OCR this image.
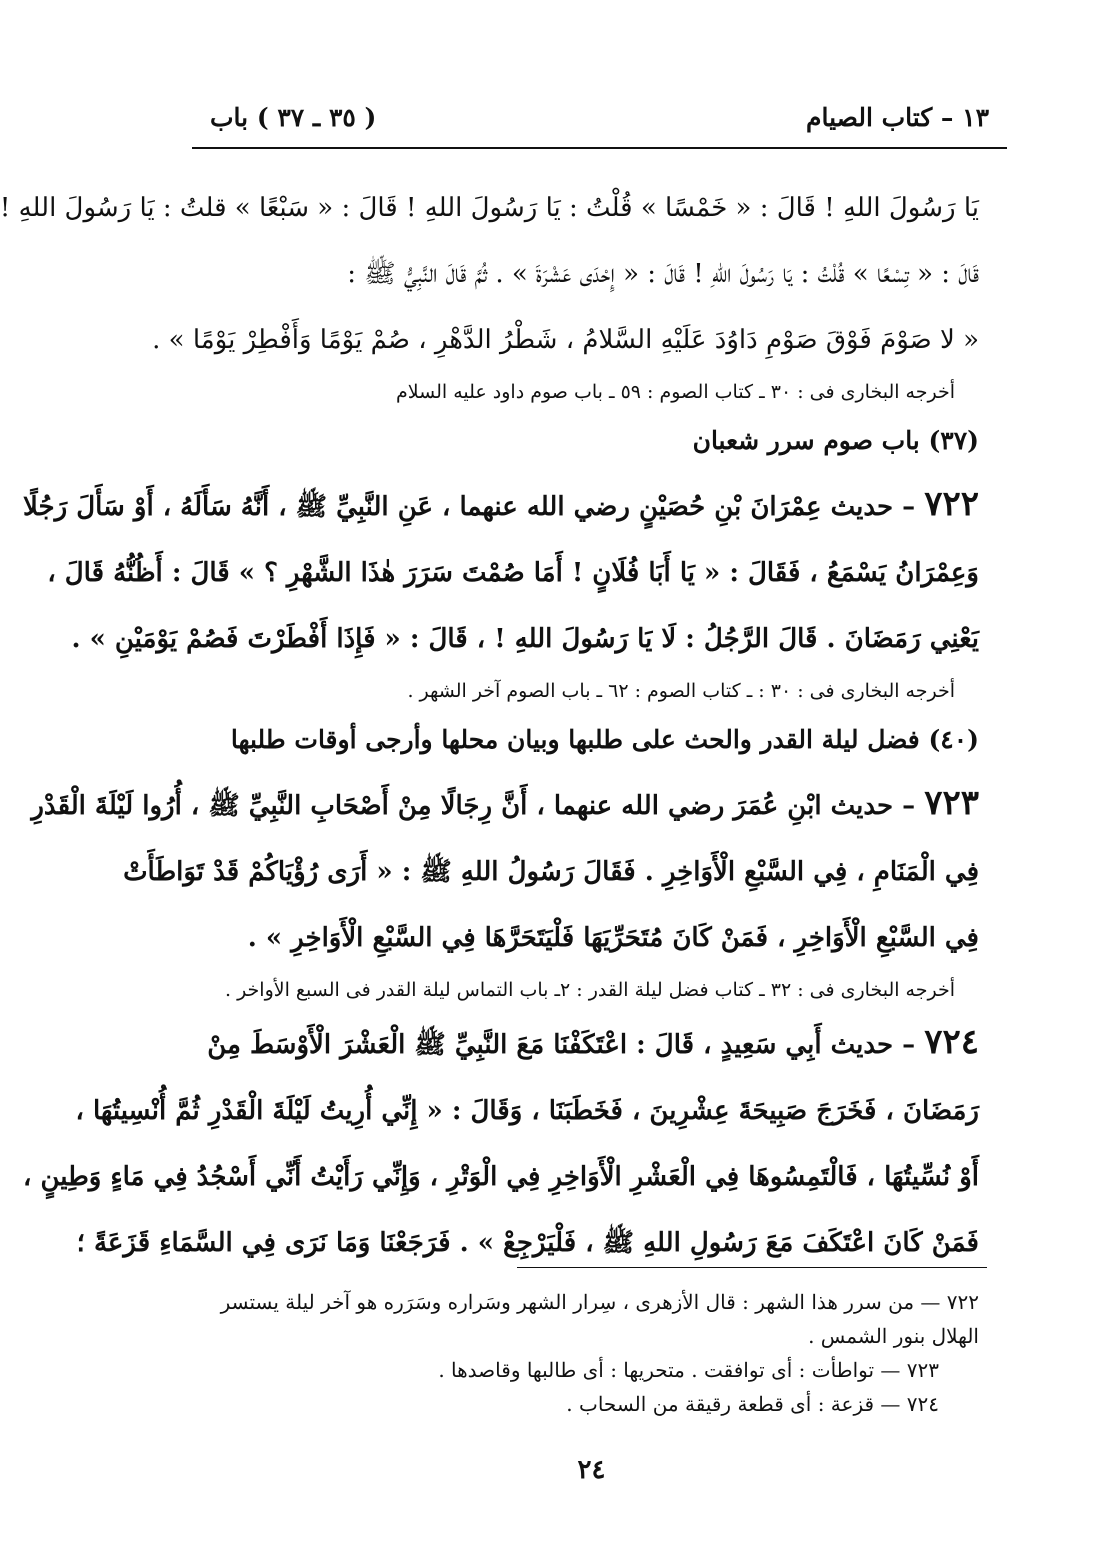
١٣ – كتاب الصيام
( ٣٥ ـ ٣٧ ) باب
يَا رَسُولَ اللهِ ! قَالَ : « خَمْسًا » قُلْتُ : يَا رَسُولَ اللهِ ! قَالَ : « سَبْعًا » قلتُ : يَا رَسُولَ اللهِ !
قَالَ : « تِسْعًا » قُلْتُ : يَا رَسُولَ اللهِ ! قَالَ : « إِحْدَى عَشْرَةَ » . ثُمَّ قَالَ النَّبِيُّ ﷺ :
« لا صَوْمَ فَوْقَ صَوْمِ دَاوُدَ عَلَيْهِ السَّلامُ ، شَطْرُ الدَّهْرِ ، صُمْ يَوْمًا وَأَفْطِرْ يَوْمًا » .
أخرجه البخارى فى : ٣٠ ـ كتاب الصوم : ٥٩ ـ باب صوم داود عليه السلام
(٣٧) باب صوم سرر شعبان
٧٢٢ – حديث عِمْرَانَ بْنِ حُصَيْنٍ رضي الله عنهما ، عَنِ النَّبِيِّ ﷺ ، أَنَّهُ سَأَلَهُ ، أَوْ سَأَلَ رَجُلًا
وَعِمْرَانُ يَسْمَعُ ، فَقَالَ : « يَا أَبَا فُلَانٍ ! أَمَا صُمْتَ سَرَرَ هٰذَا الشَّهْرِ ؟ » قَالَ : أَظُنُّهُ قَالَ ،
يَعْنِي رَمَضَانَ . قَالَ الرَّجُلُ : لَا يَا رَسُولَ اللهِ ! ، قَالَ : « فَإِذَا أَفْطَرْتَ فَصُمْ يَوْمَيْنِ » .
أخرجه البخارى فى : ٣٠ : ـ كتاب الصوم : ٦٢ ـ باب الصوم آخر الشهر .
(٤٠) فضل ليلة القدر والحث على طلبها وبيان محلها وأرجى أوقات طلبها
٧٢٣ – حديث ابْنِ عُمَرَ رضي الله عنهما ، أَنَّ رِجَالًا مِنْ أَصْحَابِ النَّبِيِّ ﷺ ، أُرُوا لَيْلَةَ الْقَدْرِ
فِي الْمَنَامِ ، فِي السَّبْعِ الْأَوَاخِرِ . فَقَالَ رَسُولُ اللهِ ﷺ : « أَرَى رُؤْيَاكُمْ قَدْ تَوَاطَأَتْ
فِي السَّبْعِ الْأَوَاخِرِ ، فَمَنْ كَانَ مُتَحَرِّيَهَا فَلْيَتَحَرَّهَا فِي السَّبْعِ الْأَوَاخِرِ » .
أخرجه البخارى فى : ٣٢ ـ كتاب فضل ليلة القدر : ٢ـ باب التماس ليلة القدر فى السبع الأواخر .
٧٢٤ – حديث أَبِي سَعِيدٍ ، قَالَ : اعْتَكَفْنَا مَعَ النَّبِيِّ ﷺ الْعَشْرَ الْأَوْسَطَ مِنْ
رَمَضَانَ ، فَخَرَجَ صَبِيحَةَ عِشْرِينَ ، فَخَطَبَنَا ، وَقَالَ : « إِنِّي أُرِيتُ لَيْلَةَ الْقَدْرِ ثُمَّ أُنْسِيتُهَا ،
أَوْ نُسِّيتُهَا ، فَالْتَمِسُوهَا فِي الْعَشْرِ الْأَوَاخِرِ فِي الْوَتْرِ ، وَإِنِّي رَأَيْتُ أَنِّي أَسْجُدُ فِي مَاءٍ وَطِينٍ ،
فَمَنْ كَانَ اعْتَكَفَ مَعَ رَسُولِ اللهِ ﷺ ، فَلْيَرْجِعْ » . فَرَجَعْنَا وَمَا نَرَى فِي السَّمَاءِ قَزَعَةً ؛
٧٢٢ — من سرر هذا الشهر : قال الأزهرى ، سِرار الشهر وسَرار‌ه وسَرَره هو آخر ليلة يستسر
الهلال بنور الشمس .
٧٢٣ — تواطأت : أى توافقت . متحريها : أى طالبها وقاصدها .
٧٢٤ — قزعة : أى قطعة رقيقة من السحاب .
٢٤
